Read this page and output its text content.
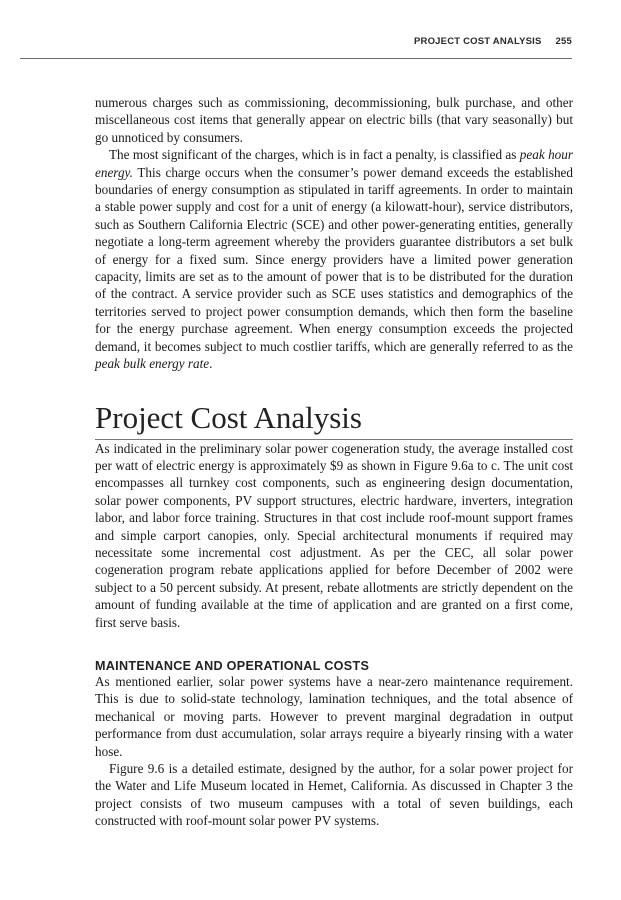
PROJECT COST ANALYSIS 255

numerous charges such as commissioning, decommissioning, bulk purchase, and other miscellaneous cost items that generally appear on electric bills (that vary seasonally) but go unnoticed by consumers.

The most significant of the charges, which is in fact a penalty, is classified as peak hour energy. This charge occurs when the consumer’s power demand exceeds the established boundaries of energy consumption as stipulated in tariff agreements. In order to maintain a stable power supply and cost for a unit of energy (a kilowatt-hour), service distributors, such as Southern California Electric (SCE) and other power-generating entities, generally negotiate a long-term agreement whereby the providers guarantee distributors a set bulk of energy for a fixed sum. Since energy providers have a limited power generation capacity, limits are set as to the amount of power that is to be distributed for the duration of the contract. A service provider such as SCE uses statistics and demographics of the territories served to project power consumption demands, which then form the baseline for the energy purchase agreement. When energy consumption exceeds the projected demand, it becomes subject to much costlier tariffs, which are generally referred to as the peak bulk energy rate.

Project Cost Analysis

As indicated in the preliminary solar power cogeneration study, the average installed cost per watt of electric energy is approximately $9 as shown in Figure 9.6a to c. The unit cost encompasses all turnkey cost components, such as engineering design documentation, solar power components, PV support structures, electric hardware, inverters, integration labor, and labor force training. Structures in that cost include roof-mount support frames and simple carport canopies, only. Special architectural monuments if required may necessitate some incremental cost adjustment. As per the CEC, all solar power cogeneration program rebate applications applied for before December of 2002 were subject to a 50 percent subsidy. At present, rebate allotments are strictly dependent on the amount of funding available at the time of application and are granted on a first come, first serve basis.

MAINTENANCE AND OPERATIONAL COSTS

As mentioned earlier, solar power systems have a near-zero maintenance requirement. This is due to solid-state technology, lamination techniques, and the total absence of mechanical or moving parts. However to prevent marginal degradation in output performance from dust accumulation, solar arrays require a biyearly rinsing with a water hose.

Figure 9.6 is a detailed estimate, designed by the author, for a solar power project for the Water and Life Museum located in Hemet, California. As discussed in Chapter 3 the project consists of two museum campuses with a total of seven buildings, each constructed with roof-mount solar power PV systems.
